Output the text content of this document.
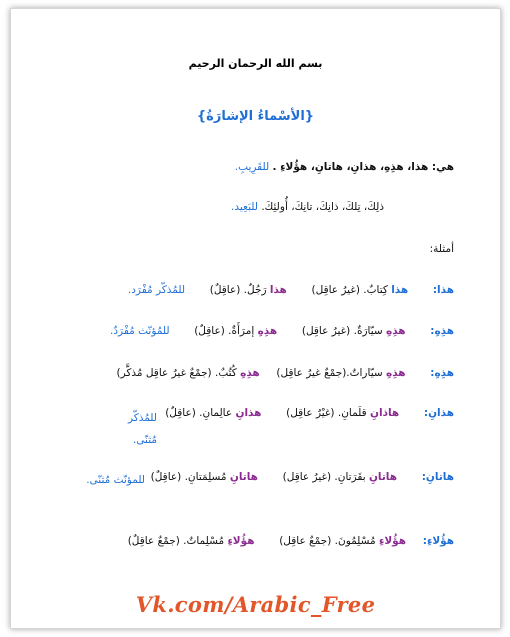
بسم الله الرحمان الرحيم
{الأسْماءُ الإشارَةُ}
هي: هذا، هذِهِ، هذانِ، هاتانِ، هؤُلاءِ . للقَرِيبِ.
ذلِكَ، تِلكَ، ذانِكَ، تانِكَ، أُولئِكَ. للبَعِيد.
أمثلة:
هذا:  هذا كِتابٌ. (غيرُ عاقِل)  هذا رَجُلٌ. (عاقِلٌ)  للمُذكّر مُفْرَد.
هذِهِ:  هذِهِ سيّارَةٌ. (غيرُ عاقِل)  هذِهِ إمرَأَةٌ. (عاقِلٌ)  للمُؤنّث مُفْرَدٌ.
هذِهِ:  هذِهِ سيّاراتٌ.(جمْعٌ غيرُ عاقِل)  هذِهِ كُتُبٌ. (جمْعٌ غيرُ عاقِل مُذكَّر)
هذانِ:  هاذانِ قلَمانِ. (غيْرُ عاقِل)  هذانِ عالِمانِ. (عاقِلٌ)
للمُذكّر مُثنّى.
هاتانِ:  هاتانِ بقَرَتانِ. (غيرُ عاقِل)  هاتانِ مُسلِمَتانِ. (عاقِلٌ)
للمؤنّث مُثنّى.
هؤُلاءِ:  هؤُلاءِ مُسْلِمُونَ. (جمْعٌ عاقِل)  هؤُلاءِ مُسْلِماتٌ. (جمْعٌ عاقِلٌ)
Vk.com/Arabic_Free
